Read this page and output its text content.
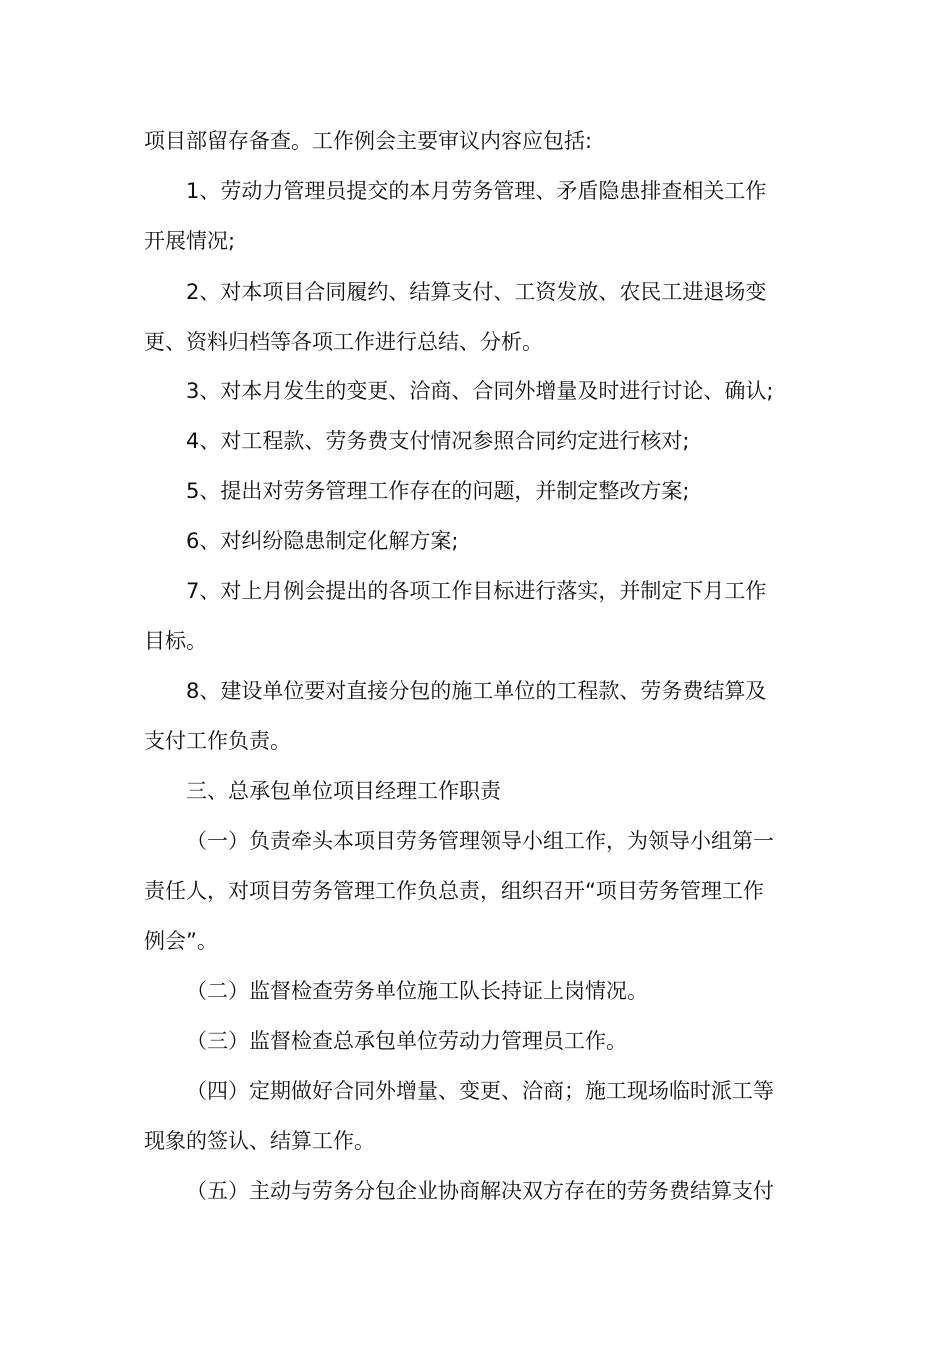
项目部留存备查。工作例会主要审议内容应包括:
1、劳动力管理员提交的本月劳务管理、矛盾隐患排查相关工作
开展情况;
2、对本项目合同履约、结算支付、工资发放、农民工进退场变
更、资料归档等各项工作进行总结、分析。
3、对本月发生的变更、洽商、合同外增量及时进行讨论、确认;
4、对工程款、劳务费支付情况参照合同约定进行核对;
5、提出对劳务管理工作存在的问题，并制定整改方案;
6、对纠纷隐患制定化解方案;
7、对上月例会提出的各项工作目标进行落实，并制定下月工作
目标。
8、建设单位要对直接分包的施工单位的工程款、劳务费结算及
支付工作负责。
三、总承包单位项目经理工作职责
（一）负责牵头本项目劳务管理领导小组工作，为领导小组第一
责任人，对项目劳务管理工作负总责，组织召开“项目劳务管理工作
例会”。
（二）监督检查劳务单位施工队长持证上岗情况。
（三）监督检查总承包单位劳动力管理员工作。
（四）定期做好合同外增量、变更、洽商；施工现场临时派工等
现象的签认、结算工作。
（五）主动与劳务分包企业协商解决双方存在的劳务费结算支付
